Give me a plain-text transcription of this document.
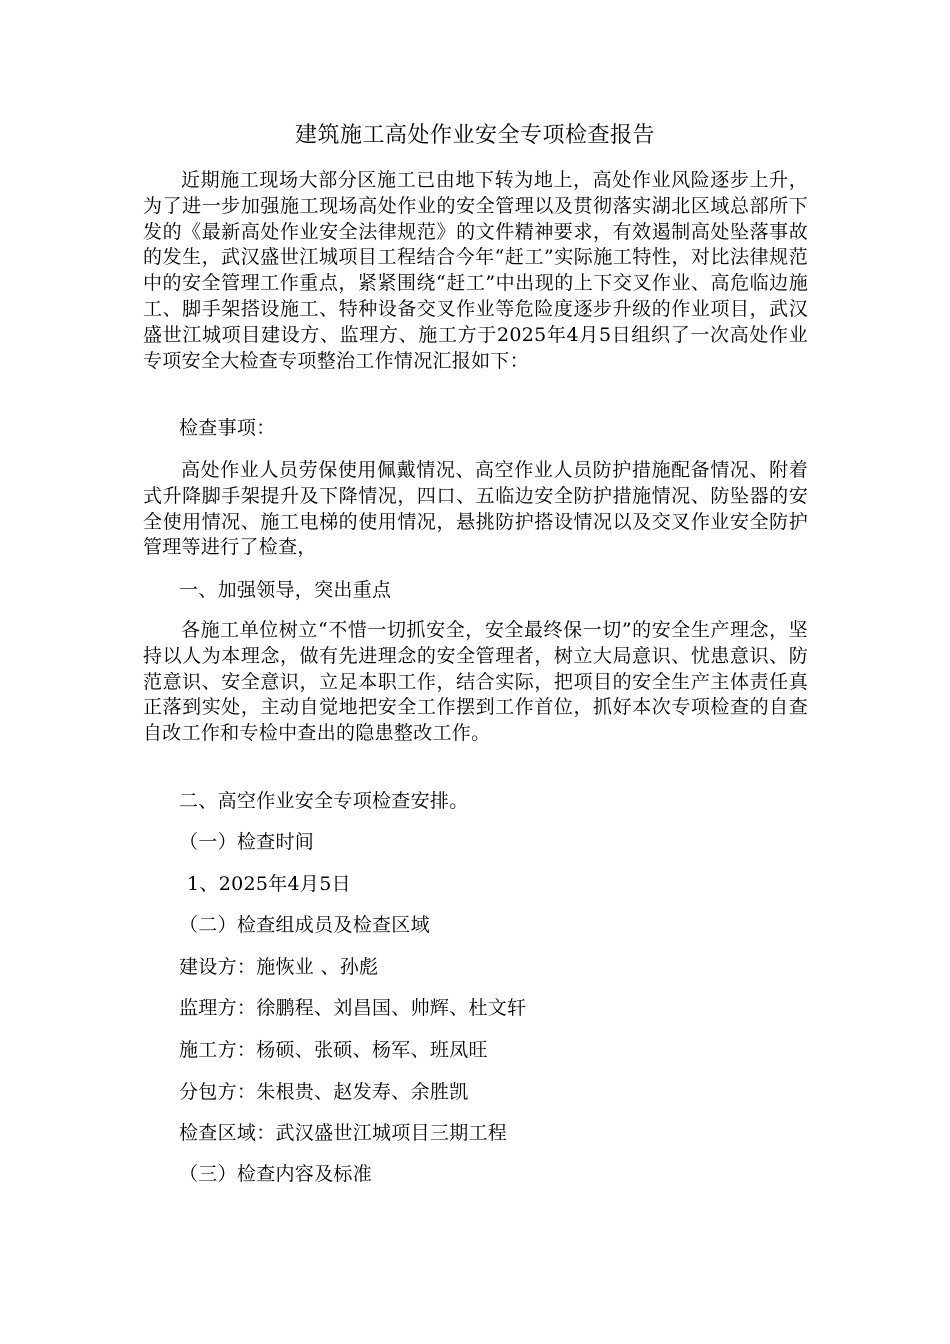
建筑施工高处作业安全专项检查报告
近期施工现场大部分区施工已由地下转为地上，高处作业风险逐步上升，为了进一步加强施工现场高处作业的安全管理以及贯彻落实湖北区域总部所下发的《最新高处作业安全法律规范》的文件精神要求，有效遏制高处坠落事故的发生，武汉盛世江城项目工程结合今年“赶工”实际施工特性，对比法律规范中的安全管理工作重点，紧紧围绕“赶工”中出现的上下交叉作业、高危临边施工、脚手架搭设施工、特种设备交叉作业等危险度逐步升级的作业项目，武汉盛世江城项目建设方、监理方、施工方于2025年4月5日组织了一次高处作业专项安全大检查专项整治工作情况汇报如下：
检查事项：
高处作业人员劳保使用佩戴情况、高空作业人员防护措施配备情况、附着式升降脚手架提升及下降情况，四口、五临边安全防护措施情况、防坠器的安全使用情况、施工电梯的使用情况，悬挑防护搭设情况以及交叉作业安全防护管理等进行了检查，
一、加强领导，突出重点
各施工单位树立“不惜一切抓安全，安全最终保一切”的安全生产理念，坚持以人为本理念，做有先进理念的安全管理者，树立大局意识、忧患意识、防范意识、安全意识，立足本职工作，结合实际，把项目的安全生产主体责任真正落到实处，主动自觉地把安全工作摆到工作首位，抓好本次专项检查的自查自改工作和专检中查出的隐患整改工作。
二、高空作业安全专项检查安排。
（一）检查时间
1、2025年4月5日
（二）检查组成员及检查区域
建设方：施恢业 、孙彪
监理方：徐鹏程、刘昌国、帅辉、杜文轩
施工方：杨硕、张硕、杨军、班凤旺
分包方：朱根贵、赵发寿、余胜凯
检查区域：武汉盛世江城项目三期工程
（三）检查内容及标准
